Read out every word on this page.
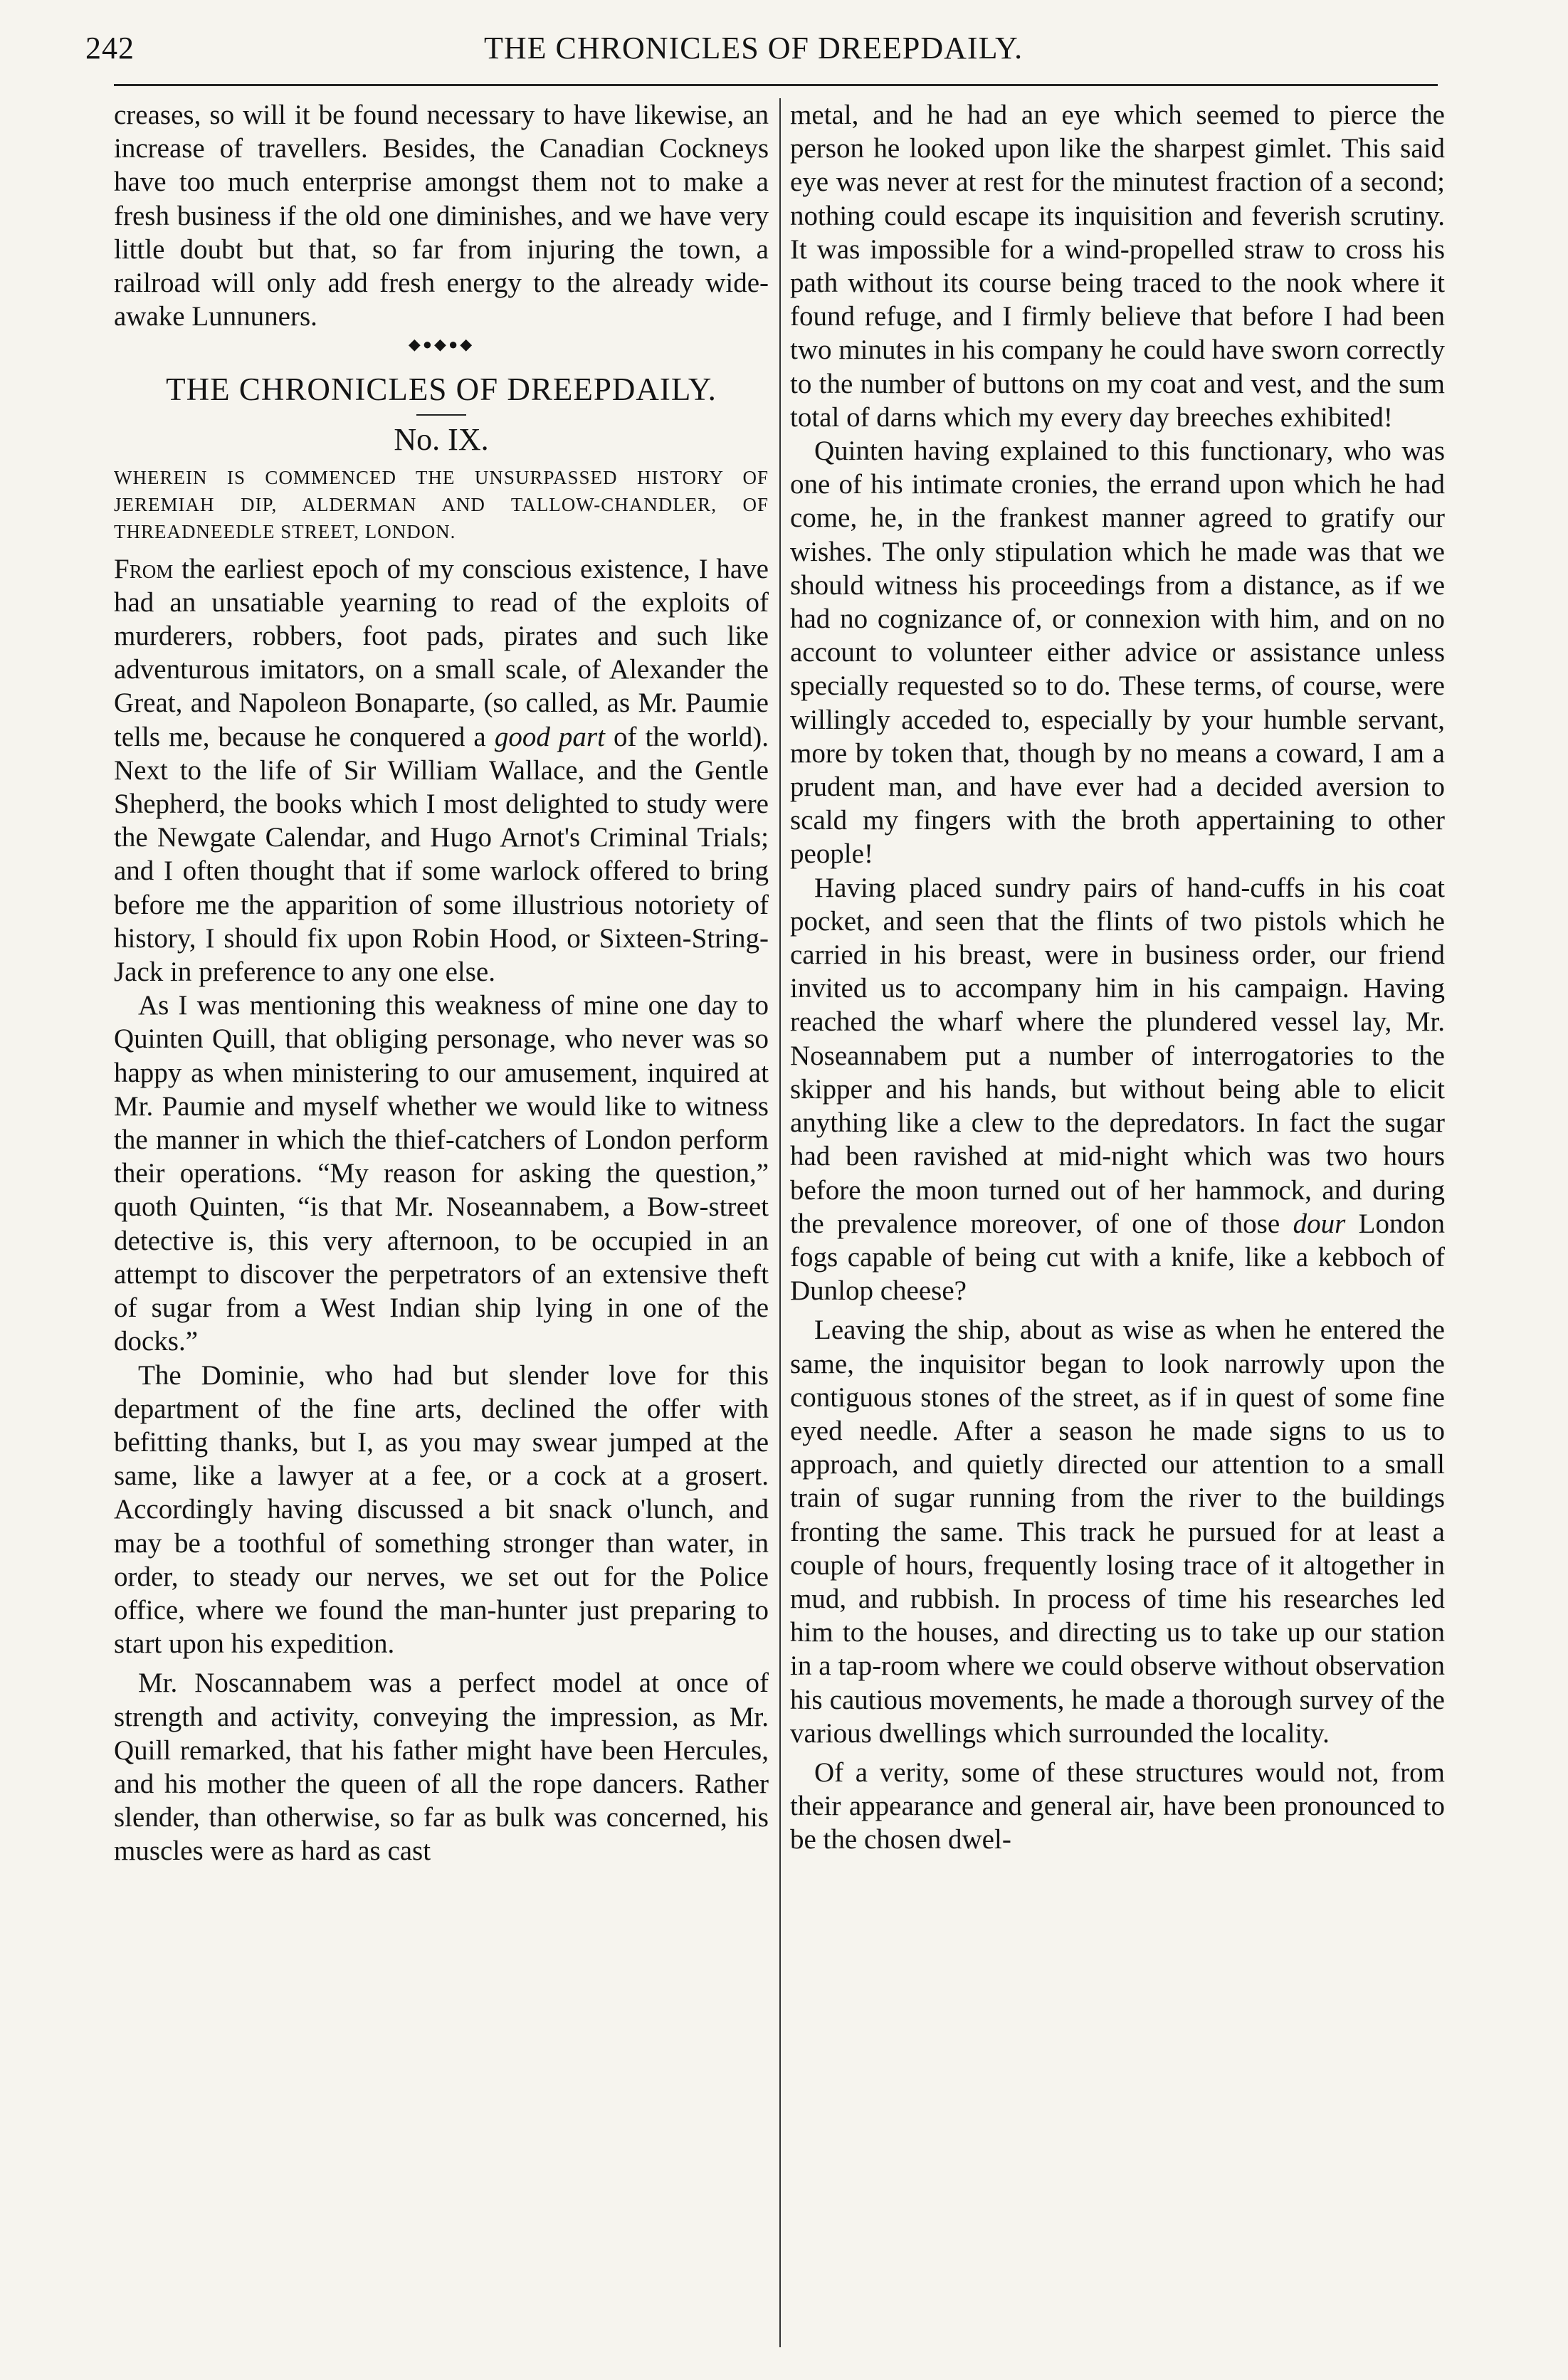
242	THE CHRONICLES OF DREEPDAILY.

creases, so will it be found necessary to have likewise, an increase of travellers. Besides, the Canadian Cockneys have too much enterprise amongst them not to make a fresh business if the old one diminishes, and we have very little doubt but that, so far from injuring the town, a railroad will only add fresh energy to the already wide-awake Lunnuners.

◆●◆●◆
THE CHRONICLES OF DREEPDAILY.
No. IX.
WHEREIN IS COMMENCED THE UNSURPASSED HISTORY OF JEREMIAH DIP, ALDERMAN AND TALLOW-CHANDLER, OF THREADNEEDLE STREET, LONDON.

From the earliest epoch of my conscious existence, I have had an unsatiable yearning to read of the exploits of murderers, robbers, foot pads, pirates and such like adventurous imitators, on a small scale, of Alexander the Great, and Napoleon Bonaparte, (so called, as Mr. Paumie tells me, because he conquered a good part of the world). Next to the life of Sir William Wallace, and the Gentle Shepherd, the books which I most delighted to study were the Newgate Calendar, and Hugo Arnot's Criminal Trials; and I often thought that if some warlock offered to bring before me the apparition of some illustrious notoriety of history, I should fix upon Robin Hood, or Sixteen-String-Jack in preference to any one else.

As I was mentioning this weakness of mine one day to Quinten Quill, that obliging personage, who never was so happy as when ministering to our amusement, inquired at Mr. Paumie and myself whether we would like to witness the manner in which the thief-catchers of London perform their operations. “My reason for asking the question,” quoth Quinten, “is that Mr. Noseannabem, a Bow-street detective is, this very afternoon, to be occupied in an attempt to discover the perpetrators of an extensive theft of sugar from a West Indian ship lying in one of the docks.”

The Dominie, who had but slender love for this department of the fine arts, declined the offer with befitting thanks, but I, as you may swear jumped at the same, like a lawyer at a fee, or a cock at a grosert. Accordingly having discussed a bit snack o'lunch, and may be a toothful of something stronger than water, in order, to steady our nerves, we set out for the Police office, where we found the man-hunter just preparing to start upon his expedition.

Mr. Noscannabem was a perfect model at once of strength and activity, conveying the impression, as Mr. Quill remarked, that his father might have been Hercules, and his mother the queen of all the rope dancers. Rather slender, than otherwise, so far as bulk was concerned, his muscles were as hard as cast

metal, and he had an eye which seemed to pierce the person he looked upon like the sharpest gimlet. This said eye was never at rest for the minutest fraction of a second; nothing could escape its inquisition and feverish scrutiny. It was impossible for a wind-propelled straw to cross his path without its course being traced to the nook where it found refuge, and I firmly believe that before I had been two minutes in his company he could have sworn correctly to the number of buttons on my coat and vest, and the sum total of darns which my every day breeches exhibited!

Quinten having explained to this functionary, who was one of his intimate cronies, the errand upon which he had come, he, in the frankest manner agreed to gratify our wishes. The only stipulation which he made was that we should witness his proceedings from a distance, as if we had no cognizance of, or connexion with him, and on no account to volunteer either advice or assistance unless specially requested so to do. These terms, of course, were willingly acceded to, especially by your humble servant, more by token that, though by no means a coward, I am a prudent man, and have ever had a decided aversion to scald my fingers with the broth appertaining to other people!

Having placed sundry pairs of hand-cuffs in his coat pocket, and seen that the flints of two pistols which he carried in his breast, were in business order, our friend invited us to accompany him in his campaign. Having reached the wharf where the plundered vessel lay, Mr. Noseannabem put a number of interrogatories to the skipper and his hands, but without being able to elicit anything like a clew to the depredators. In fact the sugar had been ravished at mid-night which was two hours before the moon turned out of her hammock, and during the prevalence moreover, of one of those dour London fogs capable of being cut with a knife, like a kebboch of Dunlop cheese?

Leaving the ship, about as wise as when he entered the same, the inquisitor began to look narrowly upon the contiguous stones of the street, as if in quest of some fine eyed needle. After a season he made signs to us to approach, and quietly directed our attention to a small train of sugar running from the river to the buildings fronting the same. This track he pursued for at least a couple of hours, frequently losing trace of it altogether in mud, and rubbish. In process of time his researches led him to the houses, and directing us to take up our station in a tap-room where we could observe without observation his cautious movements, he made a thorough survey of the various dwellings which surrounded the locality.

Of a verity, some of these structures would not, from their appearance and general air, have been pronounced to be the chosen dwel-
